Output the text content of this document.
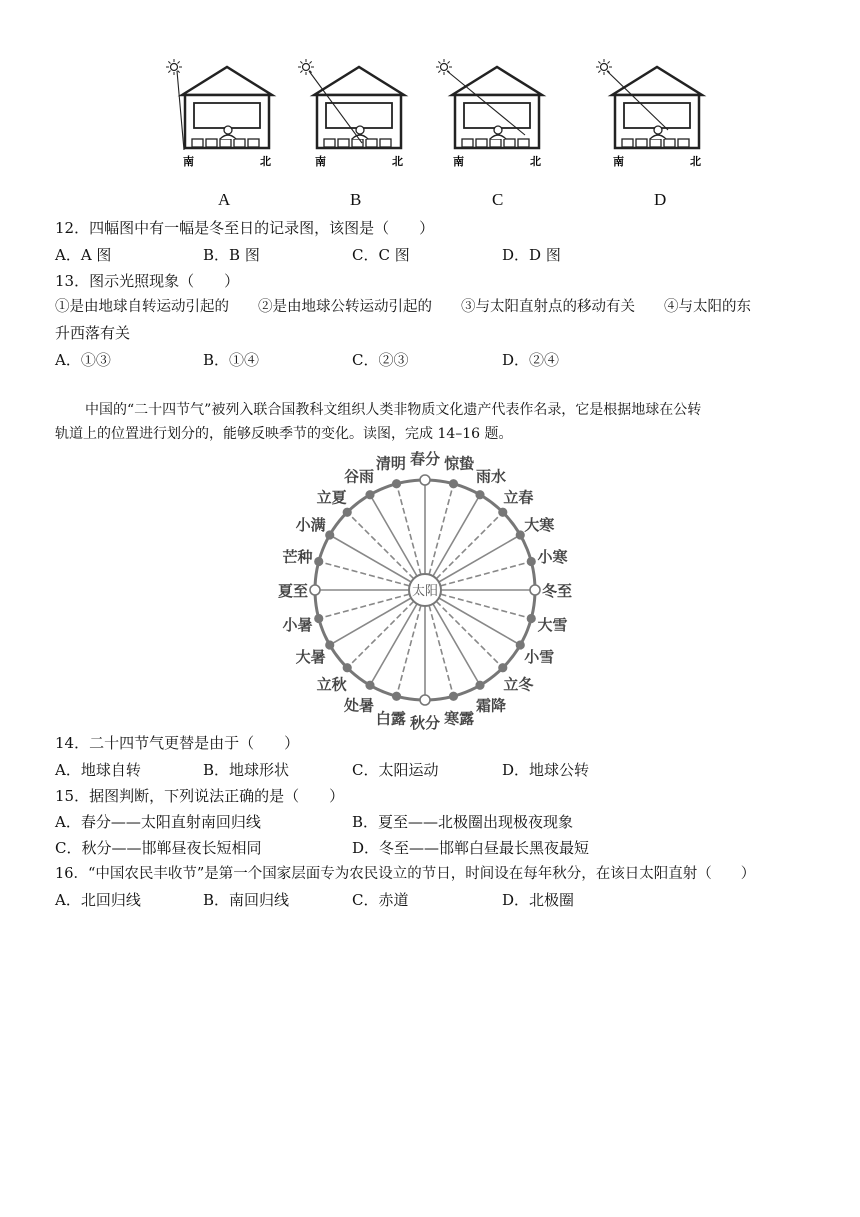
南	北	南	北	南	北	南	北
A	B	C	D
12．四幅图中有一幅是冬至日的记录图，该图是（　　）
A．A 图	B．B 图	C．C 图	D．D 图
13．图示光照现象（　　）
①是由地球自转运动引起的　　②是由地球公转运动引起的　　③与太阳直射点的移动有关　　④与太阳的东
升西落有关
A．①③	B．①④	C．②③	D．②④
中国的“二十四节气”被列入联合国教科文组织人类非物质文化遗产代表作名录，它是根据地球在公转
轨道上的位置进行划分的，能够反映季节的变化。读图，完成 14–16 题。
春分 惊蛰
雨水
立春
大寒
小寒
冬至
大雪
小雪
立冬
霜降
寒露
秋分
白露
处暑
立秋
大暑
小暑
夏至
芒种
小满
立夏
谷雨
清明
太阳
14．二十四节气更替是由于（　　）
A．地球自转	B．地球形状	C．太阳运动	D．地球公转
15．据图判断，下列说法正确的是（　　）
A．春分——太阳直射南回归线	B．夏至——北极圈出现极夜现象
C．秋分——邯郸昼夜长短相同	D．冬至——邯郸白昼最长黑夜最短
16．“中国农民丰收节”是第一个国家层面专为农民设立的节日，时间设在每年秋分，在该日太阳直射（　　）
A．北回归线	B．南回归线	C．赤道	D．北极圈
